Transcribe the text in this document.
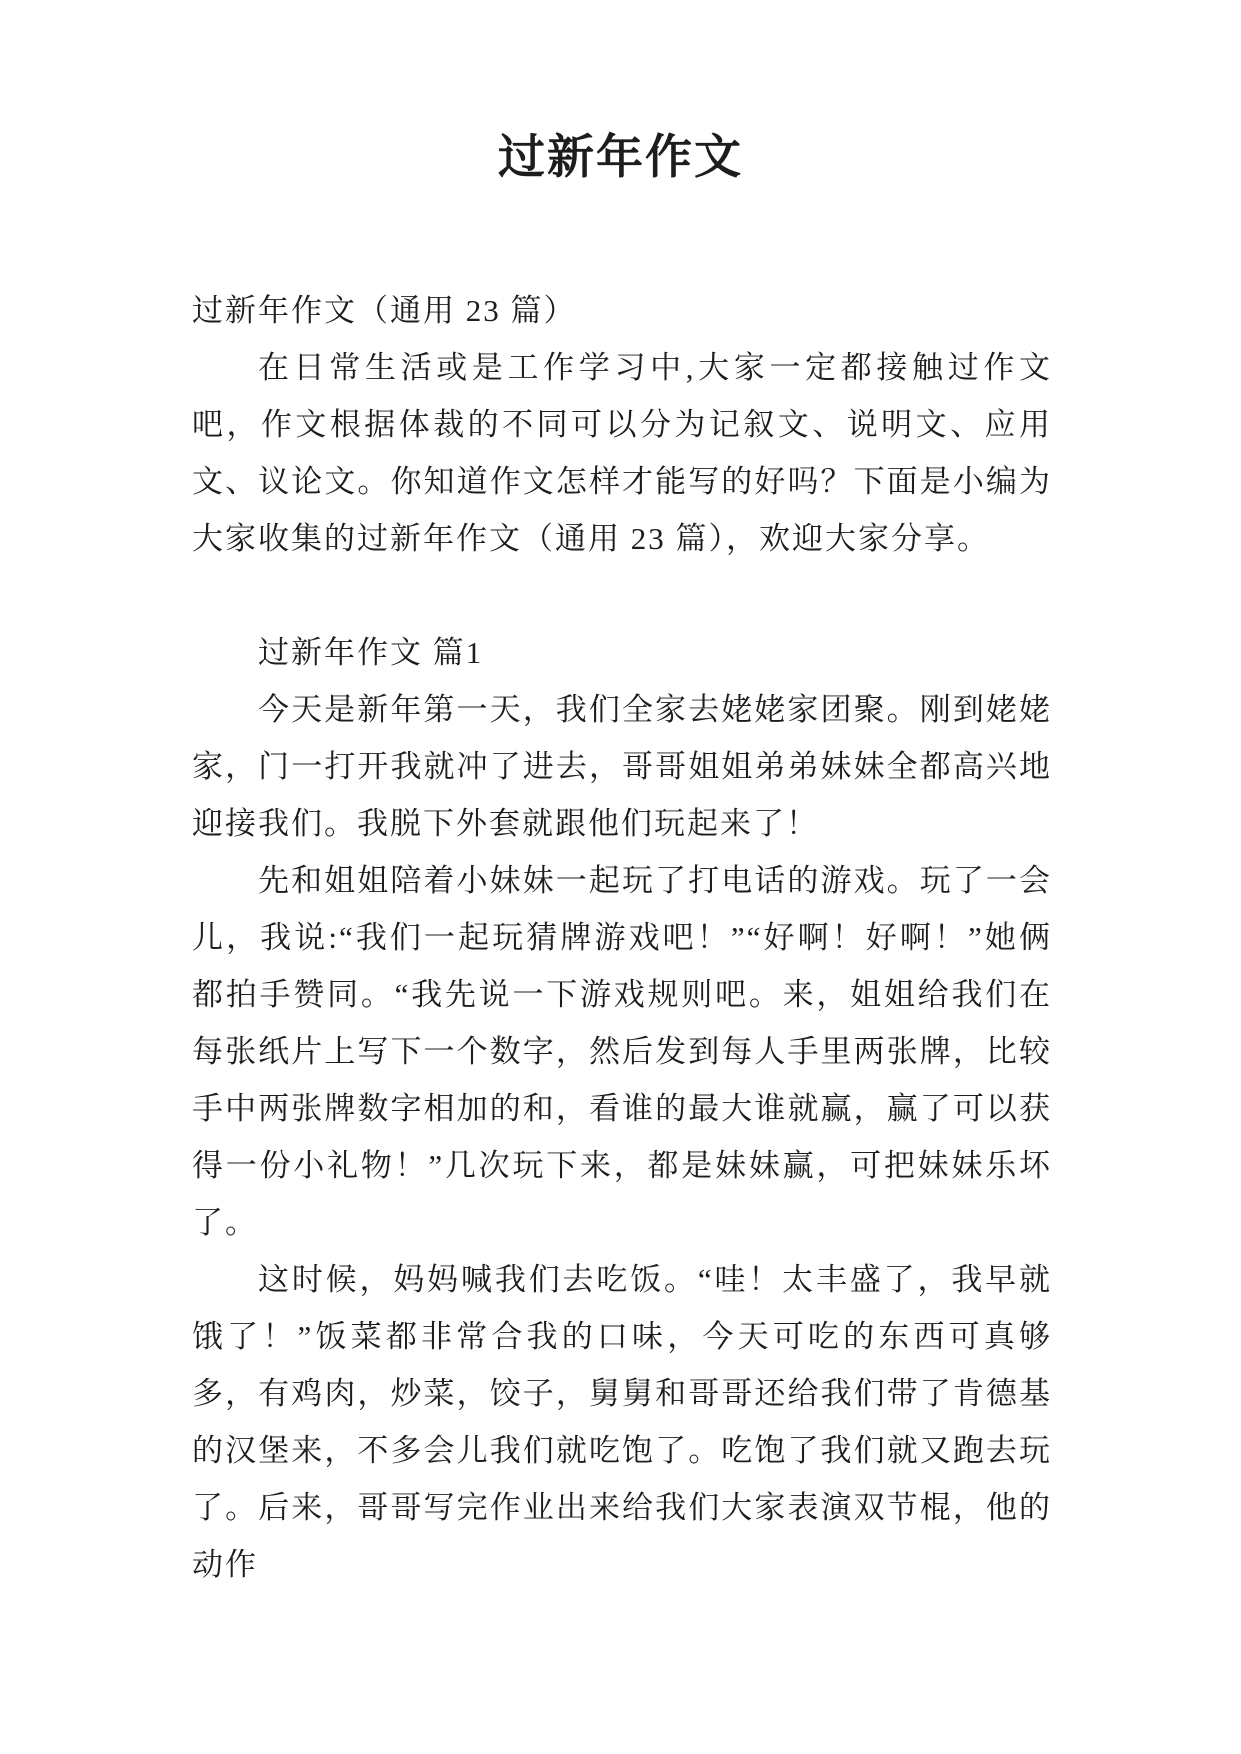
过新年作文

过新年作文（通用 23 篇）

在日常生活或是工作学习中,大家一定都接触过作文吧，作文根据体裁的不同可以分为记叙文、说明文、应用文、议论文。你知道作文怎样才能写的好吗？下面是小编为大家收集的过新年作文（通用 23 篇），欢迎大家分享。

过新年作文 篇1

今天是新年第一天，我们全家去姥姥家团聚。刚到姥姥家，门一打开我就冲了进去，哥哥姐姐弟弟妹妹全都高兴地迎接我们。我脱下外套就跟他们玩起来了！

先和姐姐陪着小妹妹一起玩了打电话的游戏。玩了一会儿，我说:“我们一起玩猜牌游戏吧！”“好啊！好啊！”她俩都拍手赞同。“我先说一下游戏规则吧。来，姐姐给我们在每张纸片上写下一个数字，然后发到每人手里两张牌，比较手中两张牌数字相加的和，看谁的最大谁就赢，赢了可以获得一份小礼物！”几次玩下来，都是妹妹赢，可把妹妹乐坏了。

这时候，妈妈喊我们去吃饭。“哇！太丰盛了，我早就饿了！”饭菜都非常合我的口味，今天可吃的东西可真够多，有鸡肉，炒菜，饺子，舅舅和哥哥还给我们带了肯德基的汉堡来，不多会儿我们就吃饱了。吃饱了我们就又跑去玩了。后来，哥哥写完作业出来给我们大家表演双节棍，他的动作
